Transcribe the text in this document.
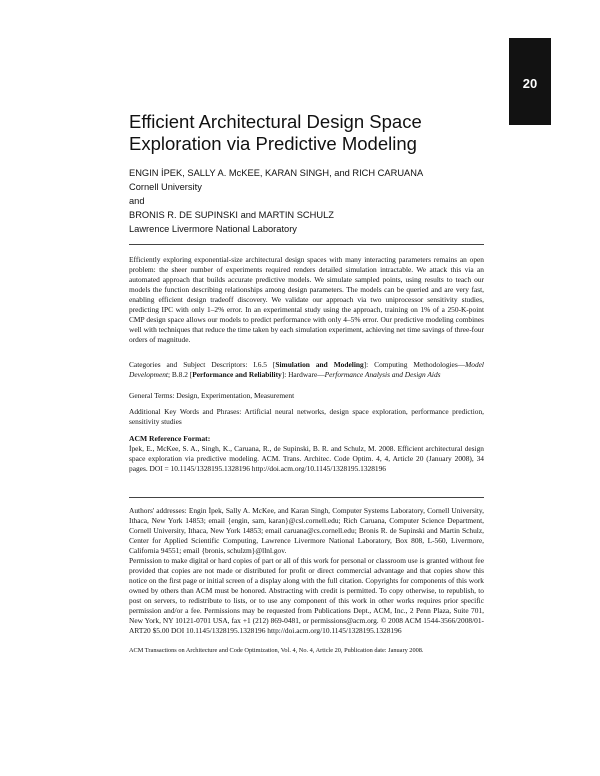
20
Efficient Architectural Design Space Exploration via Predictive Modeling
ENGIN İPEK, SALLY A. McKEE, KARAN SINGH, and RICH CARUANA
Cornell University
and
BRONIS R. DE SUPINSKI and MARTIN SCHULZ
Lawrence Livermore National Laboratory

Efficiently exploring exponential-size architectural design spaces with many interacting parameters remains an open problem: the sheer number of experiments required renders detailed simulation intractable. We attack this via an automated approach that builds accurate predictive models. We simulate sampled points, using results to teach our models the function describing relationships among design parameters. The models can be queried and are very fast, enabling efficient design tradeoff discovery. We validate our approach via two uniprocessor sensitivity studies, predicting IPC with only 1–2% error. In an experimental study using the approach, training on 1% of a 250-K-point CMP design space allows our models to predict performance with only 4–5% error. Our predictive modeling combines well with techniques that reduce the time taken by each simulation experiment, achieving net time savings of three-four orders of magnitude.

Categories and Subject Descriptors: I.6.5 [Simulation and Modeling]: Computing Methodologies—Model Development; B.8.2 [Performance and Reliability]: Hardware—Performance Analysis and Design Aids

General Terms: Design, Experimentation, Measurement

Additional Key Words and Phrases: Artificial neural networks, design space exploration, performance prediction, sensitivity studies

ACM Reference Format:

İpek, E., McKee, S. A., Singh, K., Caruana, R., de Supinski, B. R. and Schulz, M. 2008. Efficient architectural design space exploration via predictive modeling. ACM. Trans. Architec. Code Optim. 4, 4, Article 20 (January 2008), 34 pages. DOI = 10.1145/1328195.1328196 http://doi.acm.org/10.1145/1328195.1328196

Authors' addresses: Engin İpek, Sally A. McKee, and Karan Singh, Computer Systems Laboratory, Cornell University, Ithaca, New York 14853; email {engin, sam, karan}@csl.cornell.edu; Rich Caruana, Computer Science Department, Cornell University, Ithaca, New York 14853; email caruana@cs.cornell.edu; Bronis R. de Supinski and Martin Schulz, Center for Applied Scientific Computing, Lawrence Livermore National Laboratory, Box 808, L-560, Livermore, California 94551; email {bronis, schulzm}@llnl.gov.

Permission to make digital or hard copies of part or all of this work for personal or classroom use is granted without fee provided that copies are not made or distributed for profit or direct commercial advantage and that copies show this notice on the first page or initial screen of a display along with the full citation. Copyrights for components of this work owned by others than ACM must be honored. Abstracting with credit is permitted. To copy otherwise, to republish, to post on servers, to redistribute to lists, or to use any component of this work in other works requires prior specific permission and/or a fee. Permissions may be requested from Publications Dept., ACM, Inc., 2 Penn Plaza, Suite 701, New York, NY 10121-0701 USA, fax +1 (212) 869-0481, or permissions@acm.org. © 2008 ACM 1544-3566/2008/01-ART20 $5.00 DOI 10.1145/1328195.1328196 http://doi.acm.org/10.1145/1328195.1328196

ACM Transactions on Architecture and Code Optimization, Vol. 4, No. 4, Article 20, Publication date: January 2008.
